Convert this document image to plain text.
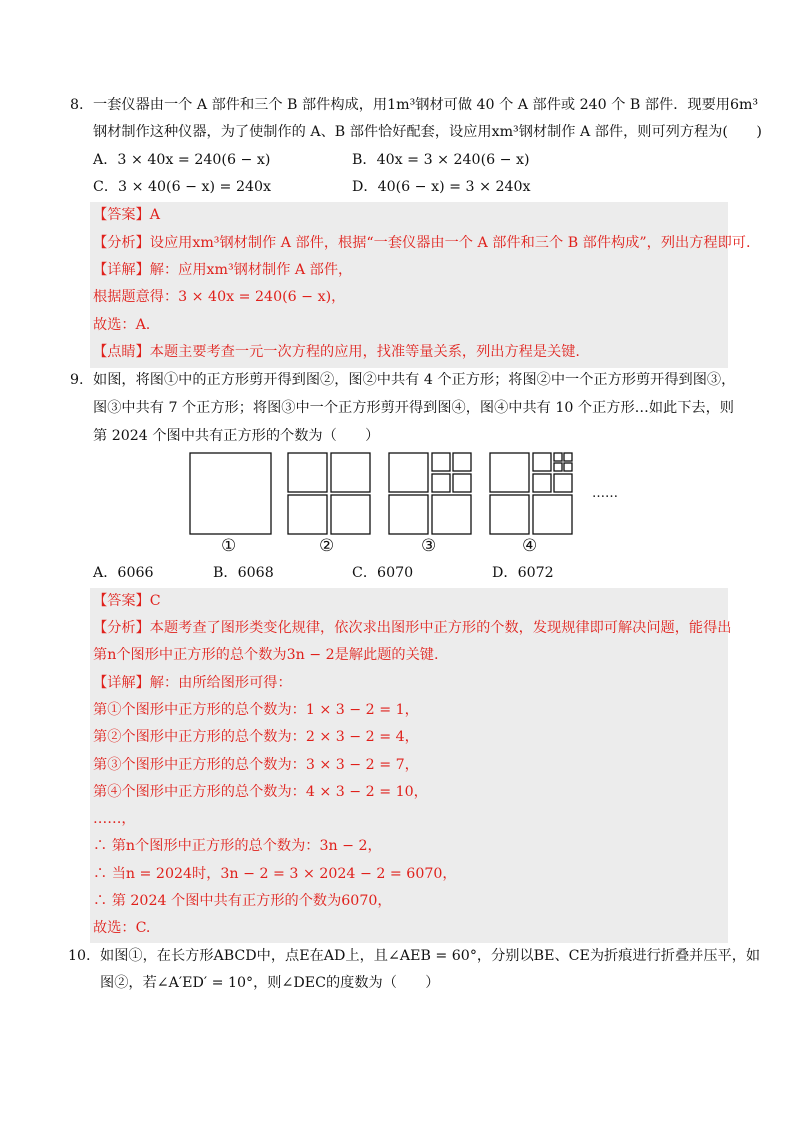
8. 一套仪器由一个 A 部件和三个 B 部件构成，用1m³钢材可做 40 个 A 部件或 240 个 B 部件．现要用6m³
钢材制作这种仪器，为了使制作的 A、B 部件恰好配套，设应用xm³钢材制作 A 部件，则可列方程为(　　)
A．3 × 40x = 240(6 − x)	B．40x = 3 × 240(6 − x)
C．3 × 40(6 − x) = 240x	D．40(6 − x) = 3 × 240x
【答案】A
【分析】设应用xm³钢材制作 A 部件，根据“一套仪器由一个 A 部件和三个 B 部件构成”，列出方程即可.
【详解】解：应用xm³钢材制作 A 部件，
根据题意得：3 × 40x = 240(6 − x)，
故选：A.
【点睛】本题主要考查一元一次方程的应用，找准等量关系，列出方程是关键.
9. 如图，将图①中的正方形剪开得到图②，图②中共有 4 个正方形；将图②中一个正方形剪开得到图③，
图③中共有 7 个正方形；将图③中一个正方形剪开得到图④，图④中共有 10 个正方形…如此下去，则
第 2024 个图中共有正方形的个数为（　　）
……
①	②	③	④
A．6066	B．6068	C．6070	D．6072
【答案】C
【分析】本题考查了图形类变化规律，依次求出图形中正方形的个数，发现规律即可解决问题，能得出
第n个图形中正方形的总个数为3n − 2是解此题的关键.
【详解】解：由所给图形可得：
第①个图形中正方形的总个数为：1 × 3 − 2 = 1，
第②个图形中正方形的总个数为：2 × 3 − 2 = 4，
第③个图形中正方形的总个数为：3 × 3 − 2 = 7，
第④个图形中正方形的总个数为：4 × 3 − 2 = 10，
……，
∴ 第n个图形中正方形的总个数为：3n − 2，
∴ 当n = 2024时，3n − 2 = 3 × 2024 − 2 = 6070，
∴ 第 2024 个图中共有正方形的个数为6070，
故选：C.
10. 如图①，在长方形ABCD中，点E在AD上，且∠AEB = 60°，分别以BE、CE为折痕进行折叠并压平，如
图②，若∠A′ED′ = 10°，则∠DEC的度数为（　　）
